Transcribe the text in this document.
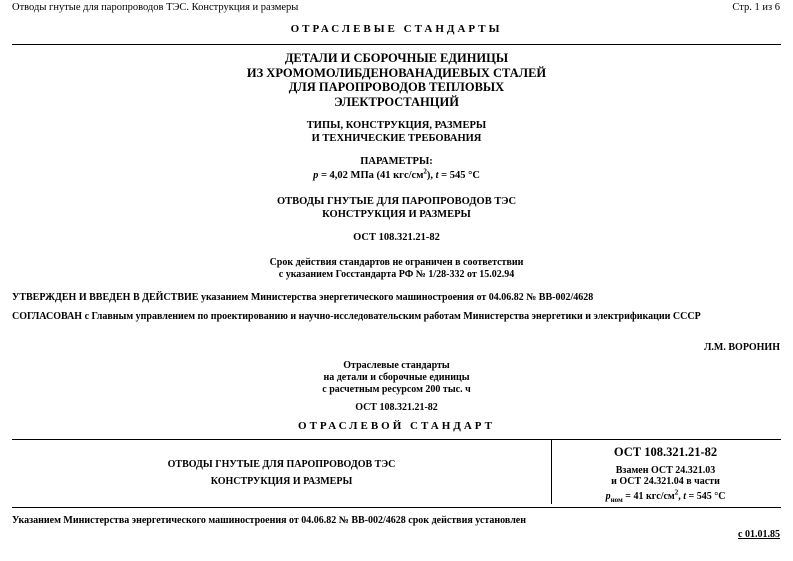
Отводы гнутые для паропроводов ТЭС. Конструкция и размеры	Стр. 1 из 6
ОТРАСЛЕВЫЕ СТАНДАРТЫ
ДЕТАЛИ И СБОРОЧНЫЕ ЕДИНИЦЫ
ИЗ ХРОМОМОЛИБДЕНОВАНАДИЕВЫХ СТАЛЕЙ
ДЛЯ ПАРОПРОВОДОВ ТЕПЛОВЫХ
ЭЛЕКТРОСТАНЦИЙ
ТИПЫ, КОНСТРУКЦИЯ, РАЗМЕРЫ
И ТЕХНИЧЕСКИЕ ТРЕБОВАНИЯ
ПАРАМЕТРЫ:
p = 4,02 МПа (41 кгс/$см^2$), t = 545 °С
ОТВОДЫ ГНУТЫЕ ДЛЯ ПАРОПРОВОДОВ ТЭС
КОНСТРУКЦИЯ И РАЗМЕРЫ
ОСТ 108.321.21-82
Срок действия стандартов не ограничен в соответствии
с указанием Госстандарта РФ № 1/28-332 от 15.02.94
УТВЕРЖДЕН И ВВЕДЕН В ДЕЙСТВИЕ указанием Министерства энергетического машиностроения от 04.06.82 № ВВ-002/4628
СОГЛАСОВАН с Главным управлением по проектированию и научно-исследовательским работам Министерства энергетики и электрификации СССР
Л.М. ВОРОНИН
Отраслевые стандарты
на детали и сборочные единицы
с расчетным ресурсом 200 тыс. ч
ОСТ 108.321.21-82
ОТРАСЛЕВОЙ СТАНДАРТ
ОТВОДЫ ГНУТЫЕ ДЛЯ ПАРОПРОВОДОВ ТЭС
КОНСТРУКЦИЯ И РАЗМЕРЫ
ОСТ 108.321.21-82
Взамен ОСТ 24.321.03
и ОСТ 24.321.04 в части
$p_{ном} = 41$ кгс/$см^2$, t = 545 °С
Указанием Министерства энергетического машиностроения от 04.06.82 № ВВ-002/4628 срок действия установлен
с 01.01.85
